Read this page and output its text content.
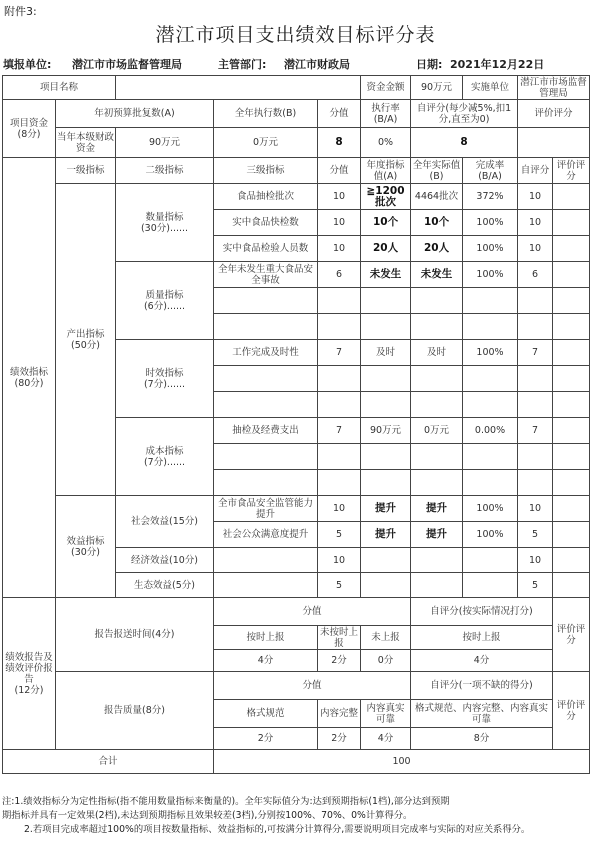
附件3:
潜江市项目支出绩效目标评分表
填报单位: 潜江市市场监督管理局	主管部门: 潜江市财政局	日期: 2021年12月22日
项目名称					资金金额	90万元	实施单位	潜江市市场监督管理局	
项目资金
(8分)	年初预算批复数(A)		全年执行数(B)	分值	执行率(B/A)	自评分(每少减5%,扣1分,直至为0)		评价评分	
	当年本级财政资金	90万元	0万元	8	0%	8			
绩效指标
(80分)	一级指标	二级指标	三级指标	分值	年度指标值(A)	全年实际值(B)	完成率(B/A)	自评分	评价评分
	产出指标
(50分)	数量指标
(30分)......	食品抽检批次	10	≧1200批次	4464批次	372%	10	
			实中食品快检数	10	10个	10个	100%	10	
			实中食品检验人员数	10	20人	20人	100%	10	
		质量指标
(6分)......	全年未发生重大食品安全事故	6	未发生	未发生	100%	6	

		时效指标
(7分)......	工作完成及时性	7	及时	及时	100%	7	

		成本指标
(7分)......	抽检及经费支出	7	90万元	0万元	0.00%	7	

	效益指标
(30分)	社会效益(15分)	全市食品安全监管能力提升	10	提升	提升	100%	10	
			社会公众满意度提升	5	提升	提升	100%	5	
		经济效益(10分)		10				10	
		生态效益(5分)		5				5	
绩效报告及绩效评价报告
(12分)	报告报送时间(4分)		分值			自评分(按实际情况打分)			评价评分
			按时上报	未按时上报	未上报	按时上报			
			4分	2分	0分	4分			
	报告质量(8分)		分值			自评分(一项不缺的得分)			评价评分
			格式规范	内容完整	内容真实可靠	格式规范、内容完整、内容真实可靠			
			2分	2分	4分	8分			
合计			100						
注:1.绩效指标分为定性指标(指不能用数量指标来衡量的)。全年实际值分为:达到预期指标(1档),部分达到预期
期指标并具有一定效果(2档),未达到预期指标且效果较差(3档),分别按100%、70%、0%计算得分。
2.若项目完成率超过100%的项目按数量指标、效益指标的,可按满分计算得分,需要说明项目完成率与实际的对应关系得分。
